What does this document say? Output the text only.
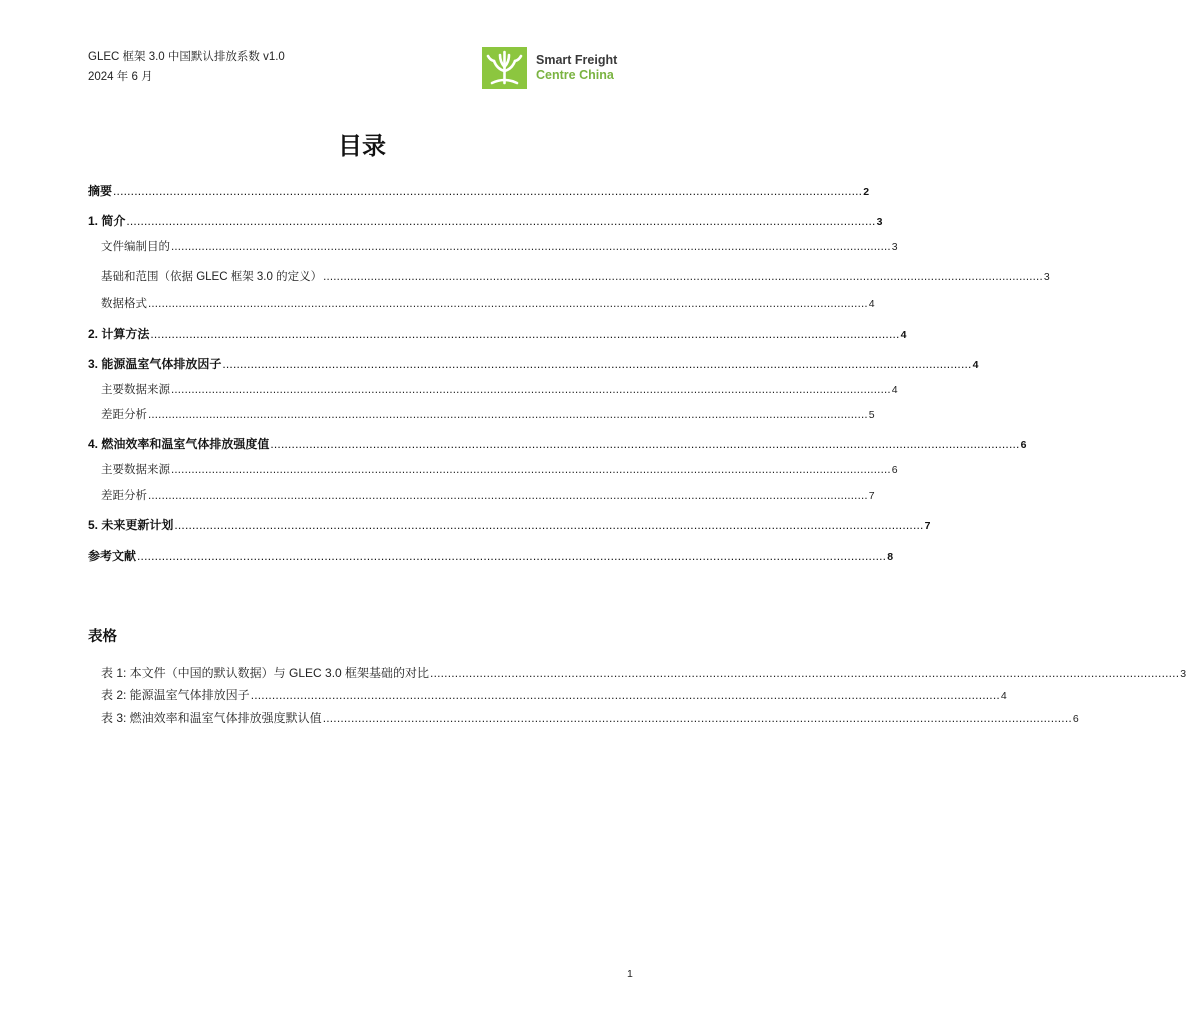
GLEC 框架 3.0 中国默认排放系数 v1.0
2024 年 6 月
Smart Freight
Centre China
目录
摘要 .................................................................................................................................................................................................................... 2
1. 简介 .................................................................................................................................................................................................................... 3
文件编制目的 .................................................................................................................................................................................................................... 3
基础和范围（依据 GLEC 框架 3.0 的定义） .................................................................................................................................................................................................................... 3
数据格式 .................................................................................................................................................................................................................... 4
2. 计算方法 .................................................................................................................................................................................................................... 4
3. 能源温室气体排放因子 .................................................................................................................................................................................................................... 4
主要数据来源 .................................................................................................................................................................................................................... 4
差距分析 .................................................................................................................................................................................................................... 5
4. 燃油效率和温室气体排放强度值 .................................................................................................................................................................................................................... 6
主要数据来源 .................................................................................................................................................................................................................... 6
差距分析 .................................................................................................................................................................................................................... 7
5. 未来更新计划 .................................................................................................................................................................................................................... 7
参考文献 .................................................................................................................................................................................................................... 8
表格
表 1: 本文件（中国的默认数据）与 GLEC 3.0 框架基础的对比 .................................................................................................................................................................................................................... 3
表 2: 能源温室气体排放因子 .................................................................................................................................................................................................................... 4
表 3: 燃油效率和温室气体排放强度默认值 .................................................................................................................................................................................................................... 6
1
